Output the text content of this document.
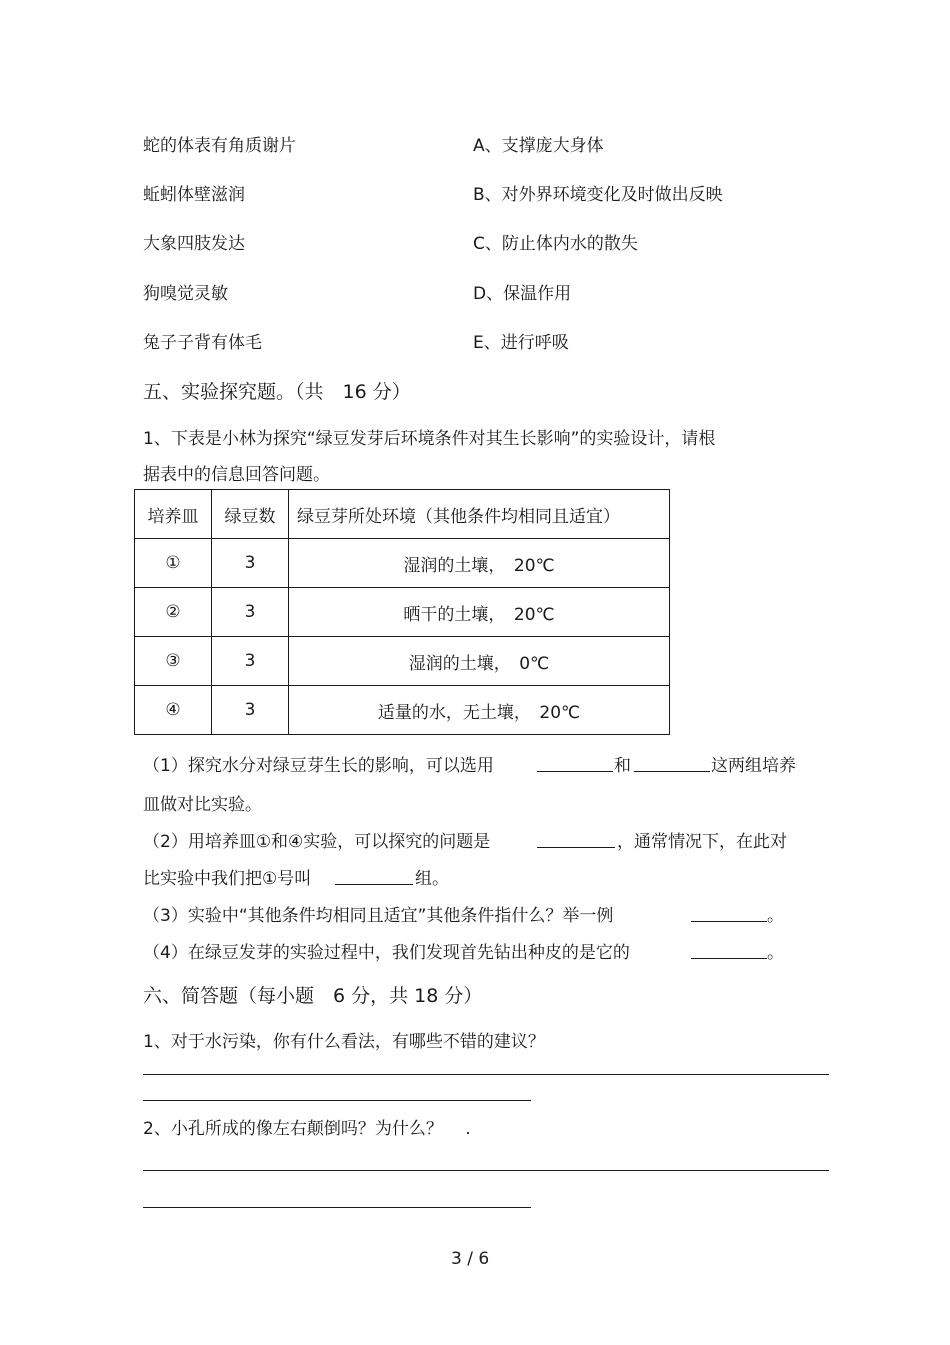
蛇的体表有角质谢片	A、支撑庞大身体
蚯蚓体壁滋润	B、对外界环境变化及时做出反映
大象四肢发达	C、防止体内水的散失
狗嗅觉灵敏	D、保温作用
兔子子背有体毛	E、进行呼吸
五、实验探究题。（共　16 分）
1、下表是小林为探究“绿豆发芽后环境条件对其生长影响”的实验设计，请根
据表中的信息回答问题。
培养皿	绿豆数	绿豆芽所处环境（其他条件均相同且适宜）
①	3	湿润的土壤，　20℃
②	3	晒干的土壤，　20℃
③	3	湿润的土壤，　0℃
④	3	适量的水，无土壤，　20℃
（1）探究水分对绿豆芽生长的影响，可以选用	和	这两组培养
皿做对比实验。
（2）用培养皿①和④实验，可以探究的问题是	，通常情况下，在此对
比实验中我们把①号叫	组。
（3）实验中“其他条件均相同且适宜”其他条件指什么？举一例	。
（4）在绿豆发芽的实验过程中，我们发现首先钻出种皮的是它的	。
六、简答题（每小题　6 分，共 18 分）
1、对于水污染，你有什么看法，有哪些不错的建议？
2、小孔所成的像左右颠倒吗？为什么？　 .
3 / 6
